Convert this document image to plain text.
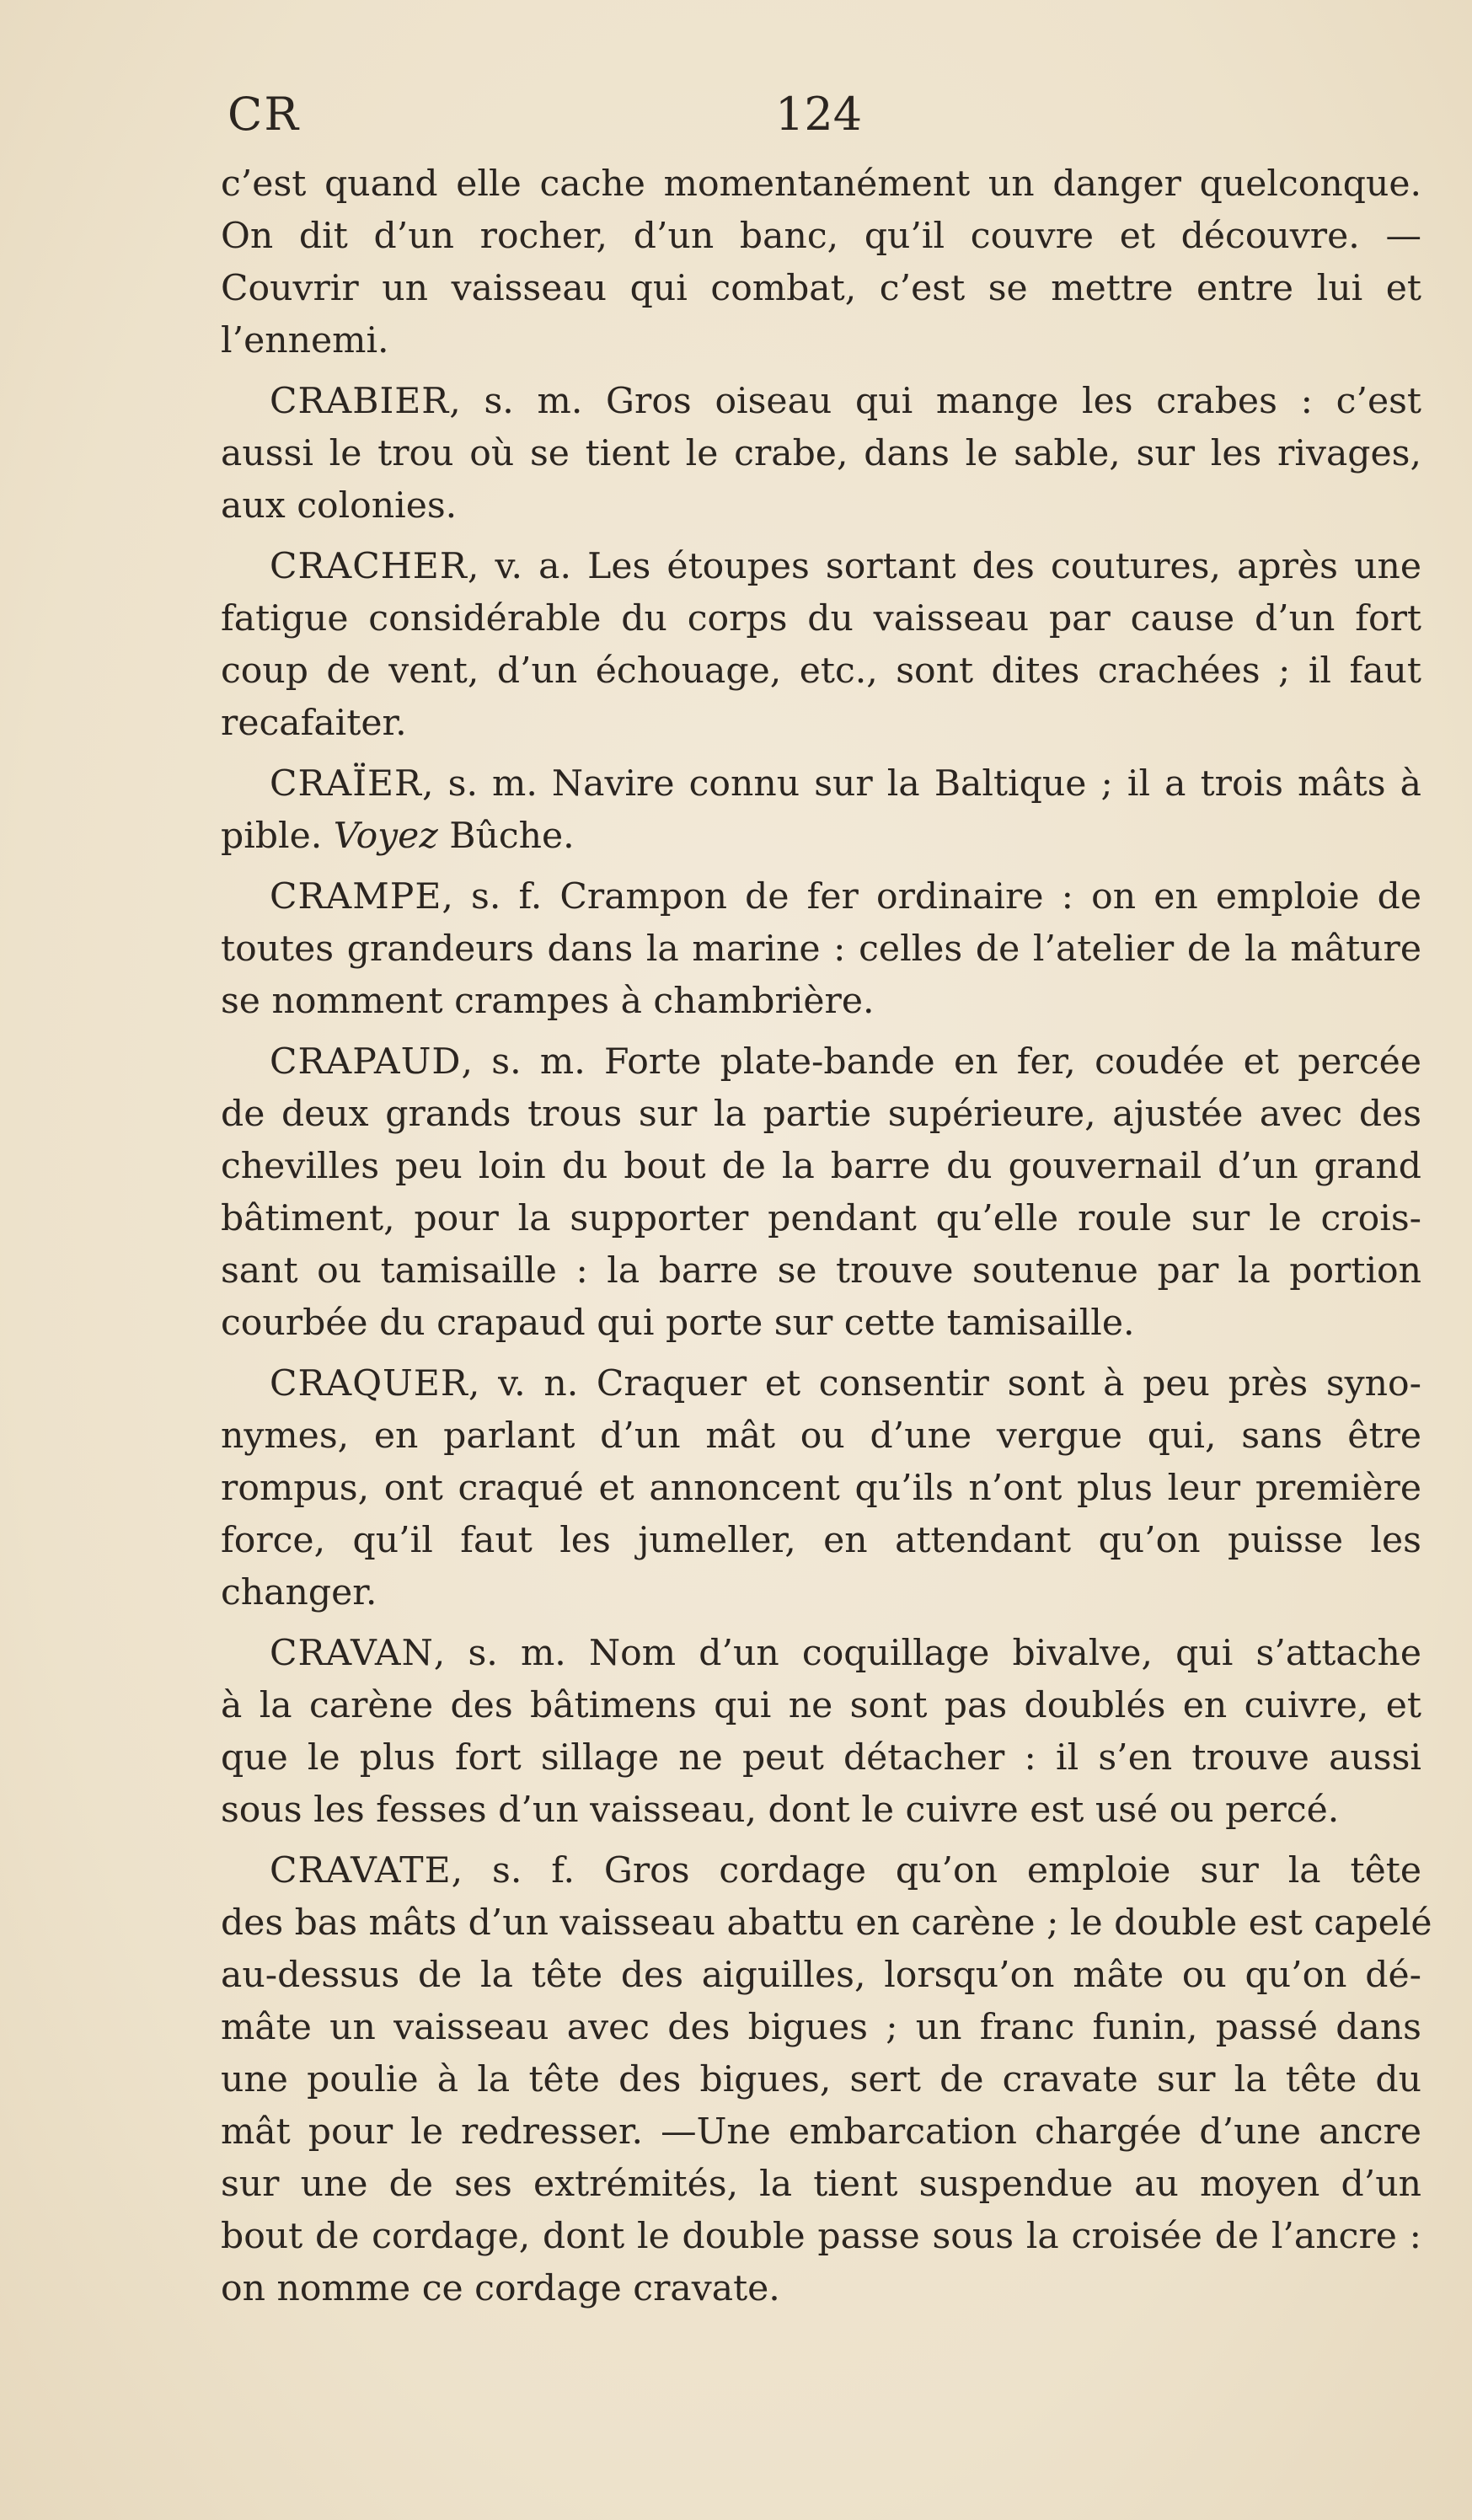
CR	124
c’est quand elle cache momentanément un danger quelconque.
On dit d’un rocher, d’un banc, qu’il couvre et découvre. —
Couvrir un vaisseau qui combat, c’est se mettre entre lui et
l’ennemi.
CRABIER, s. m. Gros oiseau qui mange les crabes : c’est
aussi le trou où se tient le crabe, dans le sable, sur les rivages,
aux colonies.
CRACHER, v. a. Les étoupes sortant des coutures, après une
fatigue considérable du corps du vaisseau par cause d’un fort
coup de vent, d’un échouage, etc., sont dites crachées ; il faut
recafaiter.
CRAÏER, s. m. Navire connu sur la Baltique ; il a trois mâts à
pible. Voyez Bûche.
CRAMPE, s. f. Crampon de fer ordinaire : on en emploie de
toutes grandeurs dans la marine : celles de l’atelier de la mâture
se nomment crampes à chambrière.
CRAPAUD, s. m. Forte plate-bande en fer, coudée et percée
de deux grands trous sur la partie supérieure, ajustée avec des
chevilles peu loin du bout de la barre du gouvernail d’un grand
bâtiment, pour la supporter pendant qu’elle roule sur le crois-
sant ou tamisaille : la barre se trouve soutenue par la portion
courbée du crapaud qui porte sur cette tamisaille.
CRAQUER, v. n. Craquer et consentir sont à peu près syno-
nymes, en parlant d’un mât ou d’une vergue qui, sans être
rompus, ont craqué et annoncent qu’ils n’ont plus leur première
force, qu’il faut les jumeller, en attendant qu’on puisse les
changer.
CRAVAN, s. m. Nom d’un coquillage bivalve, qui s’attache
à la carène des bâtimens qui ne sont pas doublés en cuivre, et
que le plus fort sillage ne peut détacher : il s’en trouve aussi
sous les fesses d’un vaisseau, dont le cuivre est usé ou percé.
CRAVATE, s. f. Gros cordage qu’on emploie sur la tête
des bas mâts d’un vaisseau abattu en carène ; le double est capelé
au-dessus de la tête des aiguilles, lorsqu’on mâte ou qu’on dé-
mâte un vaisseau avec des bigues ; un franc funin, passé dans
une poulie à la tête des bigues, sert de cravate sur la tête du
mât pour le redresser. —Une embarcation chargée d’une ancre
sur une de ses extrémités, la tient suspendue au moyen d’un
bout de cordage, dont le double passe sous la croisée de l’ancre :
on nomme ce cordage cravate.
